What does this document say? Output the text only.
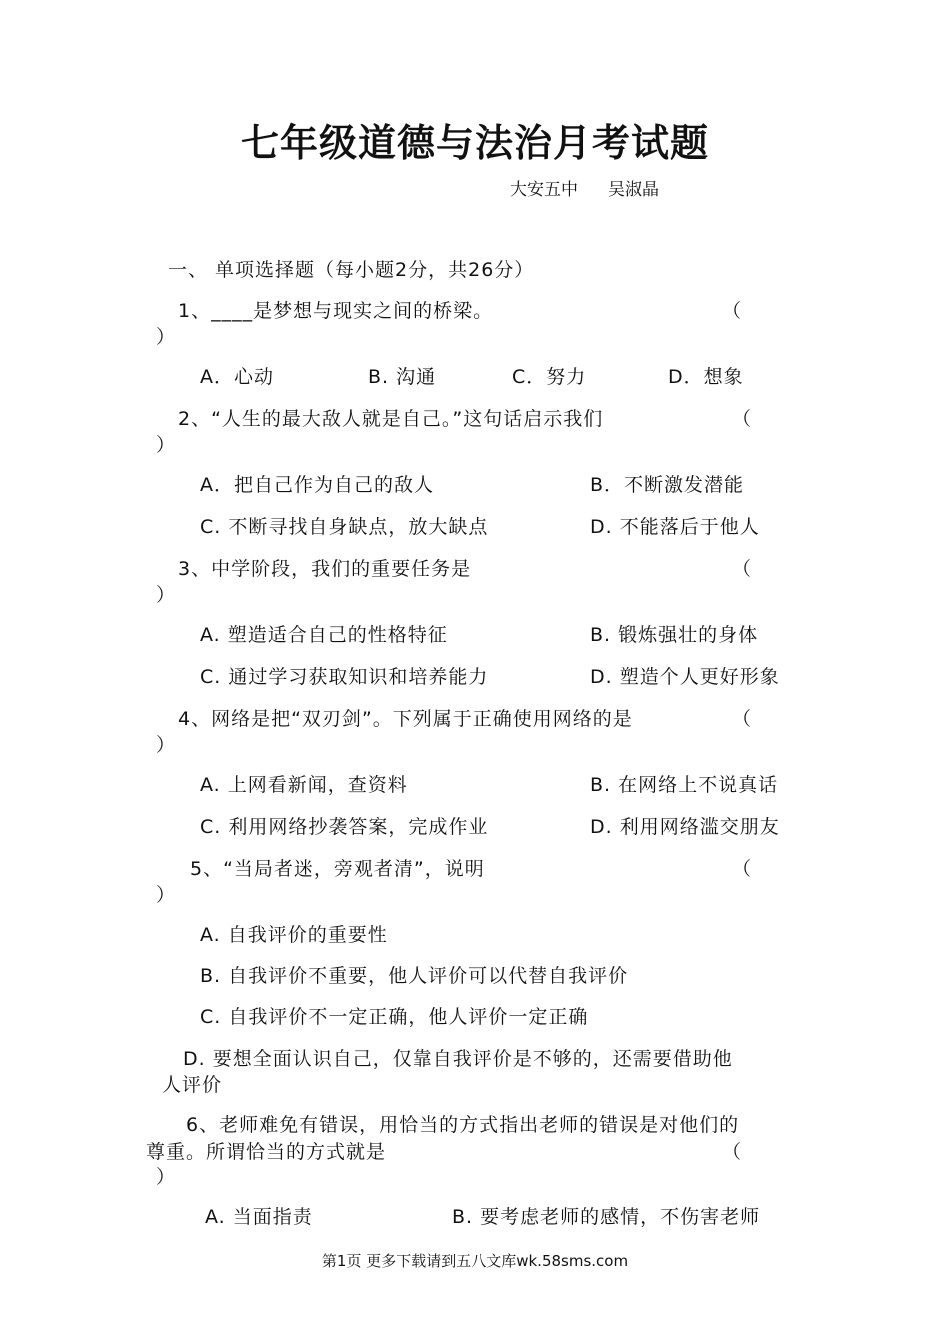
七年级道德与法治月考试题
大安五中 吴淑晶
一、 单项选择题（每小题2分，共26分）
1、____是梦想与现实之间的桥梁。	（
）
A．心动	B. 沟通	C．努力	D．想象
2、“人生的最大敌人就是自己。”这句话启示我们	（
）
A．把自己作为自己的敌人	B．不断激发潜能
C. 不断寻找自身缺点，放大缺点	D. 不能落后于他人
3、中学阶段，我们的重要任务是	（
）
A. 塑造适合自己的性格特征	B. 锻炼强壮的身体
C. 通过学习获取知识和培养能力	D. 塑造个人更好形象
4、网络是把“双刃剑”。下列属于正确使用网络的是	（
）
A. 上网看新闻，查资料	B. 在网络上不说真话
C. 利用网络抄袭答案，完成作业	D. 利用网络滥交朋友
5、“当局者迷，旁观者清”，说明	（
）
A. 自我评价的重要性
B. 自我评价不重要，他人评价可以代替自我评价
C. 自我评价不一定正确，他人评价一定正确
D. 要想全面认识自己，仅靠自我评价是不够的，还需要借助他
人评价
6、老师难免有错误，用恰当的方式指出老师的错误是对他们的
尊重。所谓恰当的方式就是	（
）
A. 当面指责	B. 要考虑老师的感情，不伤害老师
第1页 更多下载请到五八文库wk.58sms.com
